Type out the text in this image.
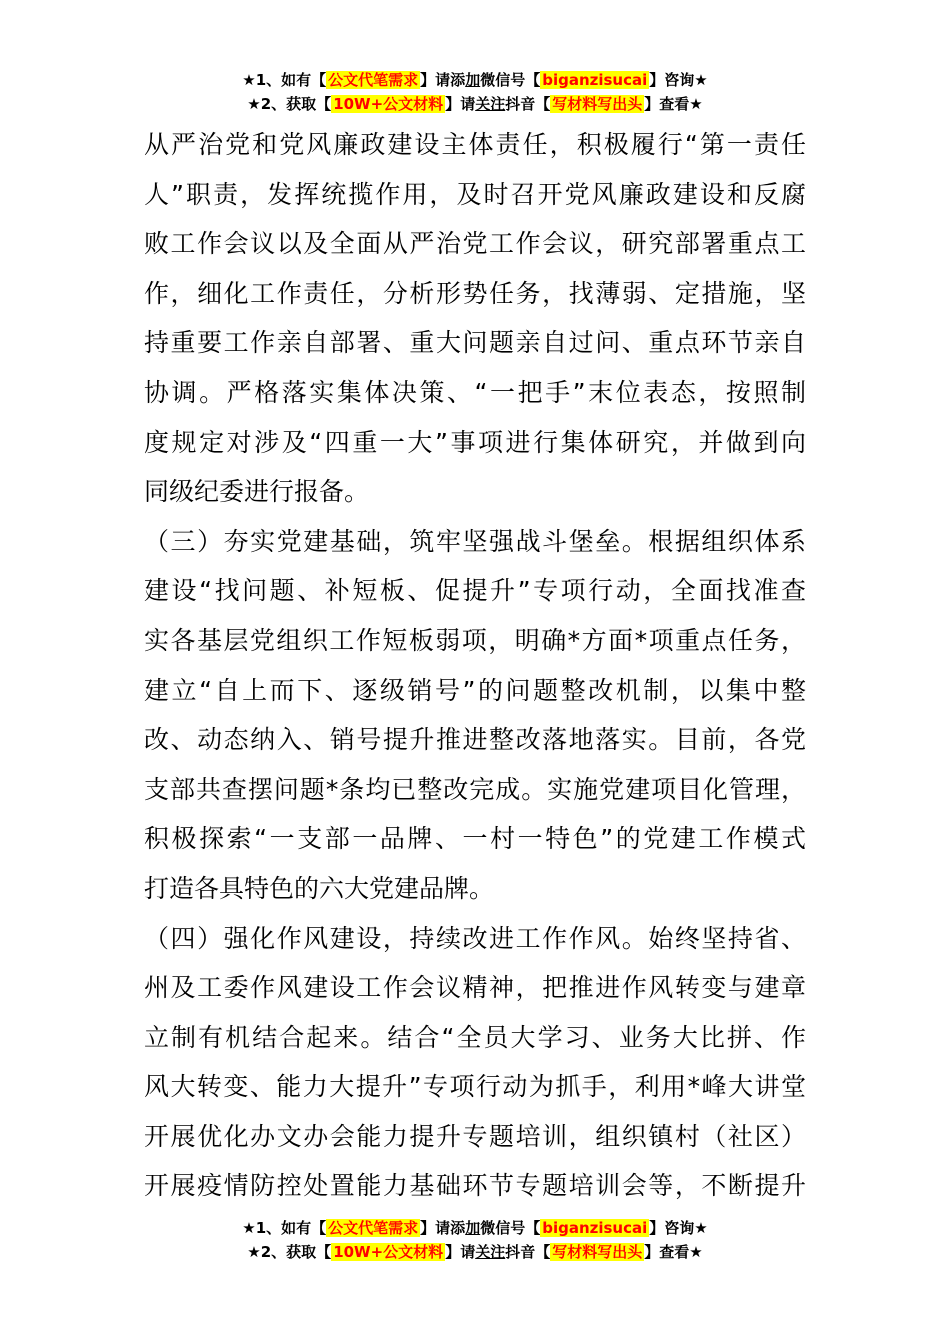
★1、如有【 公文代笔需求 】请添加微信号【 biganzisucai 】咨询★
★2、获取【 10W+公文材料 】请关注抖音【 写材料写出头 】查看★
从严治党和党风廉政建设主体责任，积极履行“第一责任
人”职责，发挥统揽作用，及时召开党风廉政建设和反腐
败工作会议以及全面从严治党工作会议，研究部署重点工
作，细化工作责任，分析形势任务，找薄弱、定措施，坚
持重要工作亲自部署、重大问题亲自过问、重点环节亲自
协调。严格落实集体决策、“一把手”末位表态，按照制
度规定对涉及“四重一大”事项进行集体研究，并做到向
同级纪委进行报备。
（三）夯实党建基础，筑牢坚强战斗堡垒。根据组织体系
建设“找问题、补短板、促提升”专项行动，全面找准查
实各基层党组织工作短板弱项，明确*方面*项重点任务，
建立“自上而下、逐级销号”的问题整改机制，以集中整
改、动态纳入、销号提升推进整改落地落实。目前，各党
支部共查摆问题*条均已整改完成。实施党建项目化管理，
积极探索“一支部一品牌、一村一特色”的党建工作模式
打造各具特色的六大党建品牌。
（四）强化作风建设，持续改进工作作风。始终坚持省、
州及工委作风建设工作会议精神，把推进作风转变与建章
立制有机结合起来。结合“全员大学习、业务大比拼、作
风大转变、能力大提升”专项行动为抓手，利用*峰大讲堂
开展优化办文办会能力提升专题培训，组织镇村（社区）
开展疫情防控处置能力基础环节专题培训会等，不断提升
★1、如有【 公文代笔需求 】请添加微信号【 biganzisucai 】咨询★
★2、获取【 10W+公文材料 】请关注抖音【 写材料写出头 】查看★
